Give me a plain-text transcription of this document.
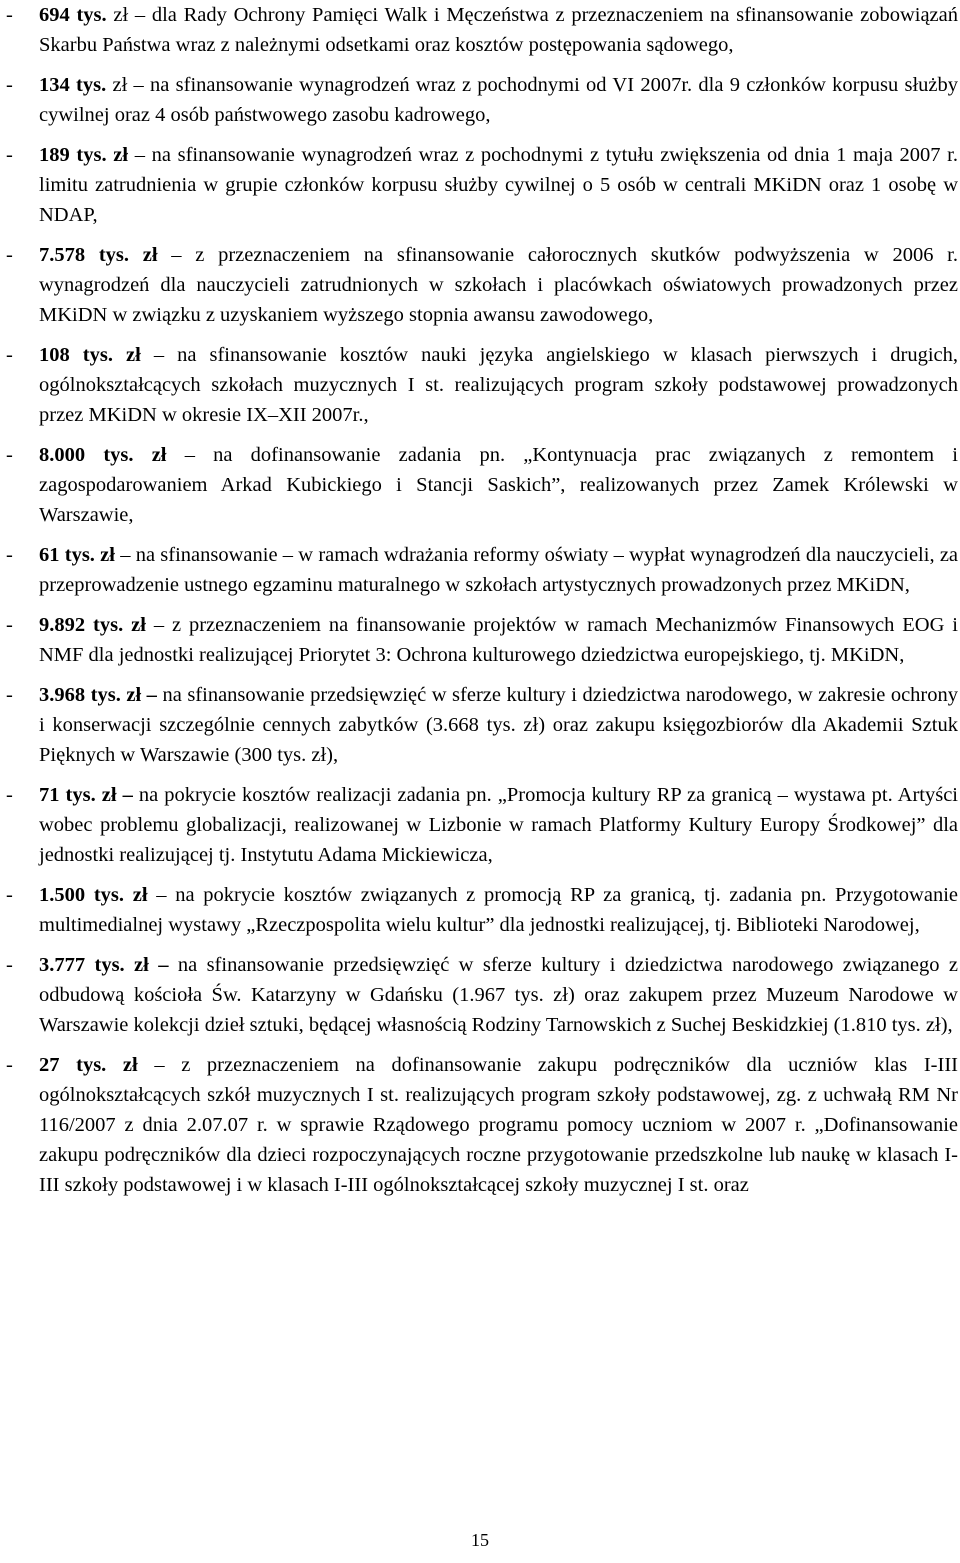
-	694 tys. zł – dla Rady Ochrony Pamięci Walk i Męczeństwa z przeznaczeniem na sfinansowanie zobowiązań Skarbu Państwa wraz z należnymi odsetkami oraz kosztów postępowania sądowego,
-	134 tys. zł – na sfinansowanie wynagrodzeń wraz z pochodnymi od VI 2007r. dla 9 członków korpusu służby cywilnej oraz 4 osób państwowego zasobu kadrowego,
-	189 tys. zł – na sfinansowanie wynagrodzeń wraz z pochodnymi z tytułu zwiększenia od dnia 1 maja 2007 r. limitu zatrudnienia w grupie członków korpusu służby cywilnej o 5 osób w centrali MKiDN oraz 1 osobę w NDAP,
-	7.578 tys. zł – z przeznaczeniem na sfinansowanie całorocznych skutków podwyższenia w 2006 r. wynagrodzeń dla nauczycieli zatrudnionych w szkołach i placówkach oświatowych prowadzonych przez MKiDN w związku z uzyskaniem wyższego stopnia awansu zawodowego,
-	108 tys. zł – na sfinansowanie kosztów nauki języka angielskiego w klasach pierwszych i drugich, ogólnokształcących szkołach muzycznych I st. realizujących program szkoły podstawowej prowadzonych przez MKiDN w okresie IX–XII 2007r.,
-	8.000 tys. zł – na dofinansowanie zadania pn. „Kontynuacja prac związanych z remontem i zagospodarowaniem Arkad Kubickiego i Stancji Saskich”, realizowanych przez Zamek Królewski w Warszawie,
-	61 tys. zł – na sfinansowanie – w ramach wdrażania reformy oświaty – wypłat wynagrodzeń dla nauczycieli, za przeprowadzenie ustnego egzaminu maturalnego w szkołach artystycznych prowadzonych przez MKiDN,
-	9.892 tys. zł – z przeznaczeniem na finansowanie projektów w ramach Mechanizmów Finansowych EOG i NMF dla jednostki realizującej Priorytet 3: Ochrona kulturowego dziedzictwa europejskiego, tj. MKiDN,
-	3.968 tys. zł – na sfinansowanie przedsięwzięć w sferze kultury i dziedzictwa narodowego, w zakresie ochrony i konserwacji szczególnie cennych zabytków (3.668 tys. zł) oraz zakupu księgozbiorów dla Akademii Sztuk Pięknych w Warszawie (300 tys. zł),
-	71 tys. zł – na pokrycie kosztów realizacji zadania pn. „Promocja kultury RP za granicą – wystawa pt. Artyści wobec problemu globalizacji, realizowanej w Lizbonie w ramach Platformy Kultury Europy Środkowej” dla jednostki realizującej tj. Instytutu Adama Mickiewicza,
-	1.500 tys. zł – na pokrycie kosztów związanych z promocją RP za granicą, tj. zadania pn. Przygotowanie multimedialnej wystawy „Rzeczpospolita wielu kultur” dla jednostki realizującej, tj. Biblioteki Narodowej,
-	3.777 tys. zł – na sfinansowanie przedsięwzięć w sferze kultury i dziedzictwa narodowego związanego z odbudową kościoła Św. Katarzyny w Gdańsku (1.967 tys. zł) oraz zakupem przez Muzeum Narodowe w Warszawie kolekcji dzieł sztuki, będącej własnością Rodziny Tarnowskich z Suchej Beskidzkiej (1.810 tys. zł),
-	27 tys. zł – z przeznaczeniem na dofinansowanie zakupu podręczników dla uczniów klas I-III ogólnokształcących szkół muzycznych I st. realizujących program szkoły podstawowej, zg. z uchwałą RM Nr 116/2007 z dnia 2.07.07 r. w sprawie Rządowego programu pomocy uczniom w 2007 r. „Dofinansowanie zakupu podręczników dla dzieci rozpoczynających roczne przygotowanie przedszkolne lub naukę w klasach I-III szkoły podstawowej i w klasach I-III ogólnokształcącej szkoły muzycznej I st. oraz
15
